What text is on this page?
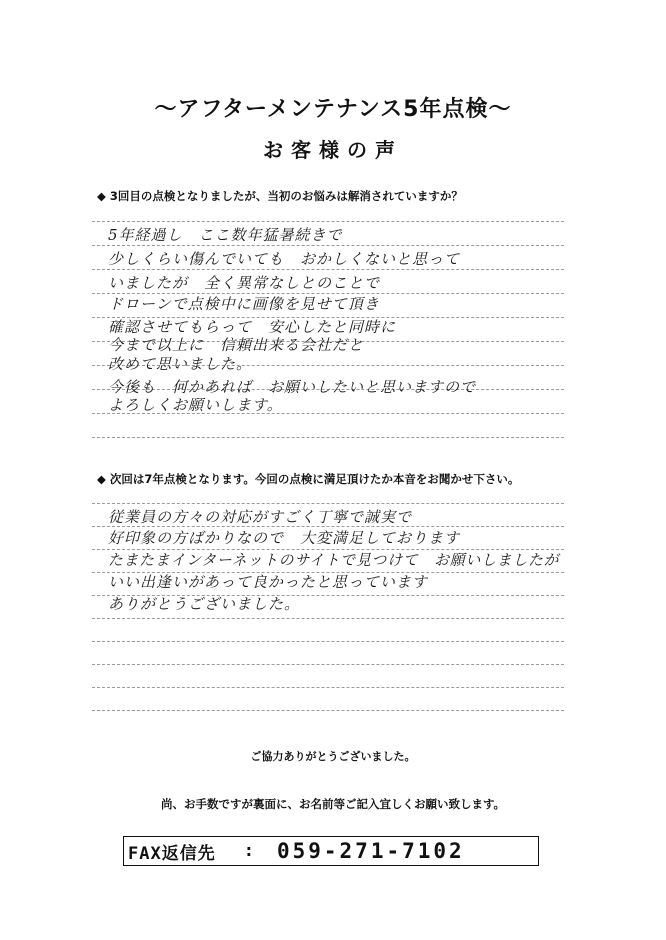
〜アフターメンテナンス5年点検〜
お客様の声
◆ 3回目の点検となりましたが、当初のお悩みは解消されていますか？
5年経過し　ここ数年猛暑続きで
少しくらい傷んでいても　おかしくないと思って
いましたが　全く異常なしとのことで
ドローンで点検中に画像を見せて頂き
確認させてもらって　安心したと同時に
今まで以上に　信頼出来る会社だと
改めて思いました。
今後も　何かあれば　お願いしたいと思いますので
よろしくお願いします。
◆ 次回は7年点検となります。今回の点検に満足頂けたか本音をお聞かせ下さい。
従業員の方々の対応がすごく丁寧で誠実で
好印象の方ばかりなので　大変満足しております
たまたまインターネットのサイトで見つけて　お願いしましたが
いい出逢いがあって良かったと思っています
ありがとうございました。
ご協力ありがとうございました。
尚、お手数ですが裏面に、お名前等ご記入宜しくお願い致します。
FAX返信先 : 059-271-7102
